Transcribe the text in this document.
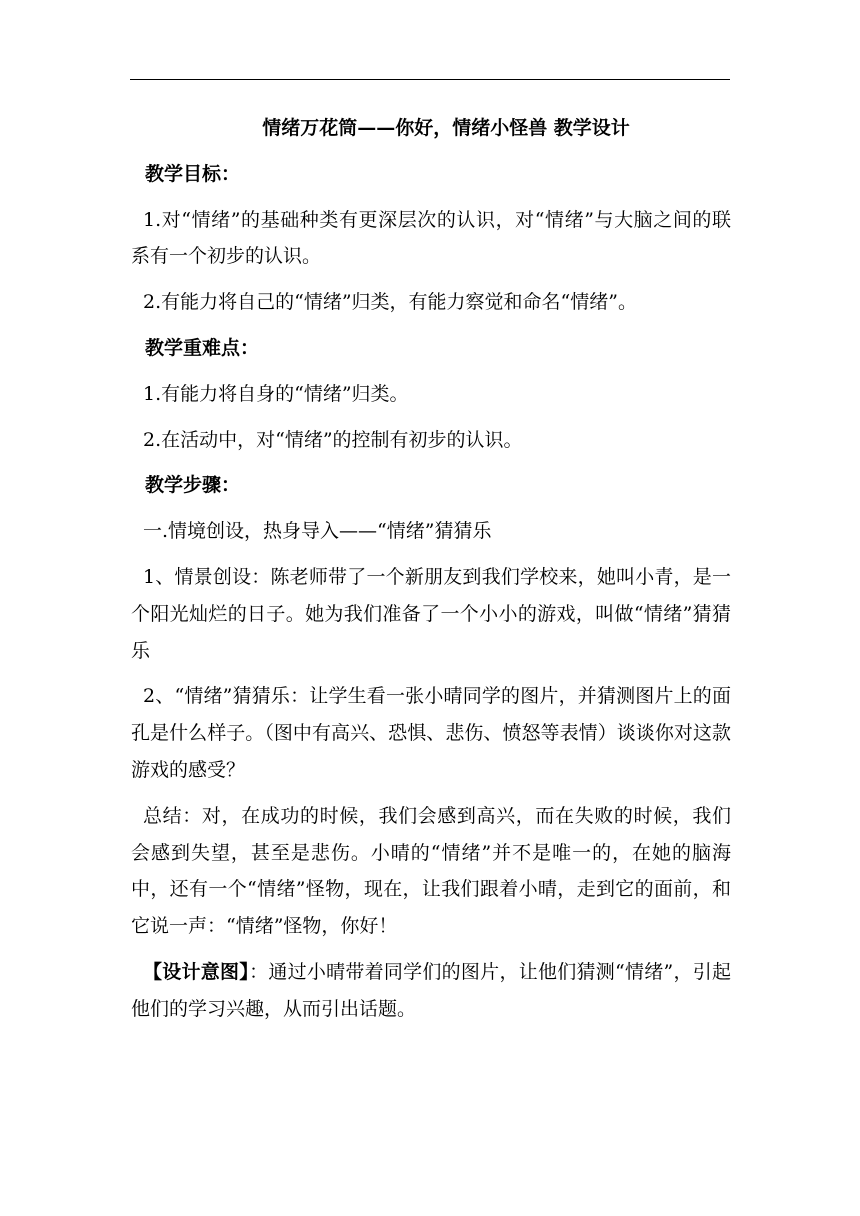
情绪万花筒——你好，情绪小怪兽 教学设计
教学目标：
1.对“情绪”的基础种类有更深层次的认识，对“情绪”与大脑之间的联系有一个初步的认识。
2.有能力将自己的“情绪”归类，有能力察觉和命名“情绪”。
教学重难点：
1.有能力将自身的“情绪”归类。
2.在活动中，对“情绪”的控制有初步的认识。
教学步骤：
一.情境创设，热身导入——“情绪”猜猜乐
1、情景创设：陈老师带了一个新朋友到我们学校来，她叫小青，是一个阳光灿烂的日子。她为我们准备了一个小小的游戏，叫做“情绪”猜猜乐
2、“情绪”猜猜乐：让学生看一张小晴同学的图片，并猜测图片上的面孔是什么样子。（图中有高兴、恐惧、悲伤、愤怒等表情）谈谈你对这款游戏的感受？
总结：对，在成功的时候，我们会感到高兴，而在失败的时候，我们会感到失望，甚至是悲伤。小晴的“情绪”并不是唯一的，在她的脑海中，还有一个“情绪”怪物，现在，让我们跟着小晴，走到它的面前，和它说一声：“情绪”怪物，你好！
【设计意图】：通过小晴带着同学们的图片，让他们猜测“情绪”，引起他们的学习兴趣，从而引出话题。
